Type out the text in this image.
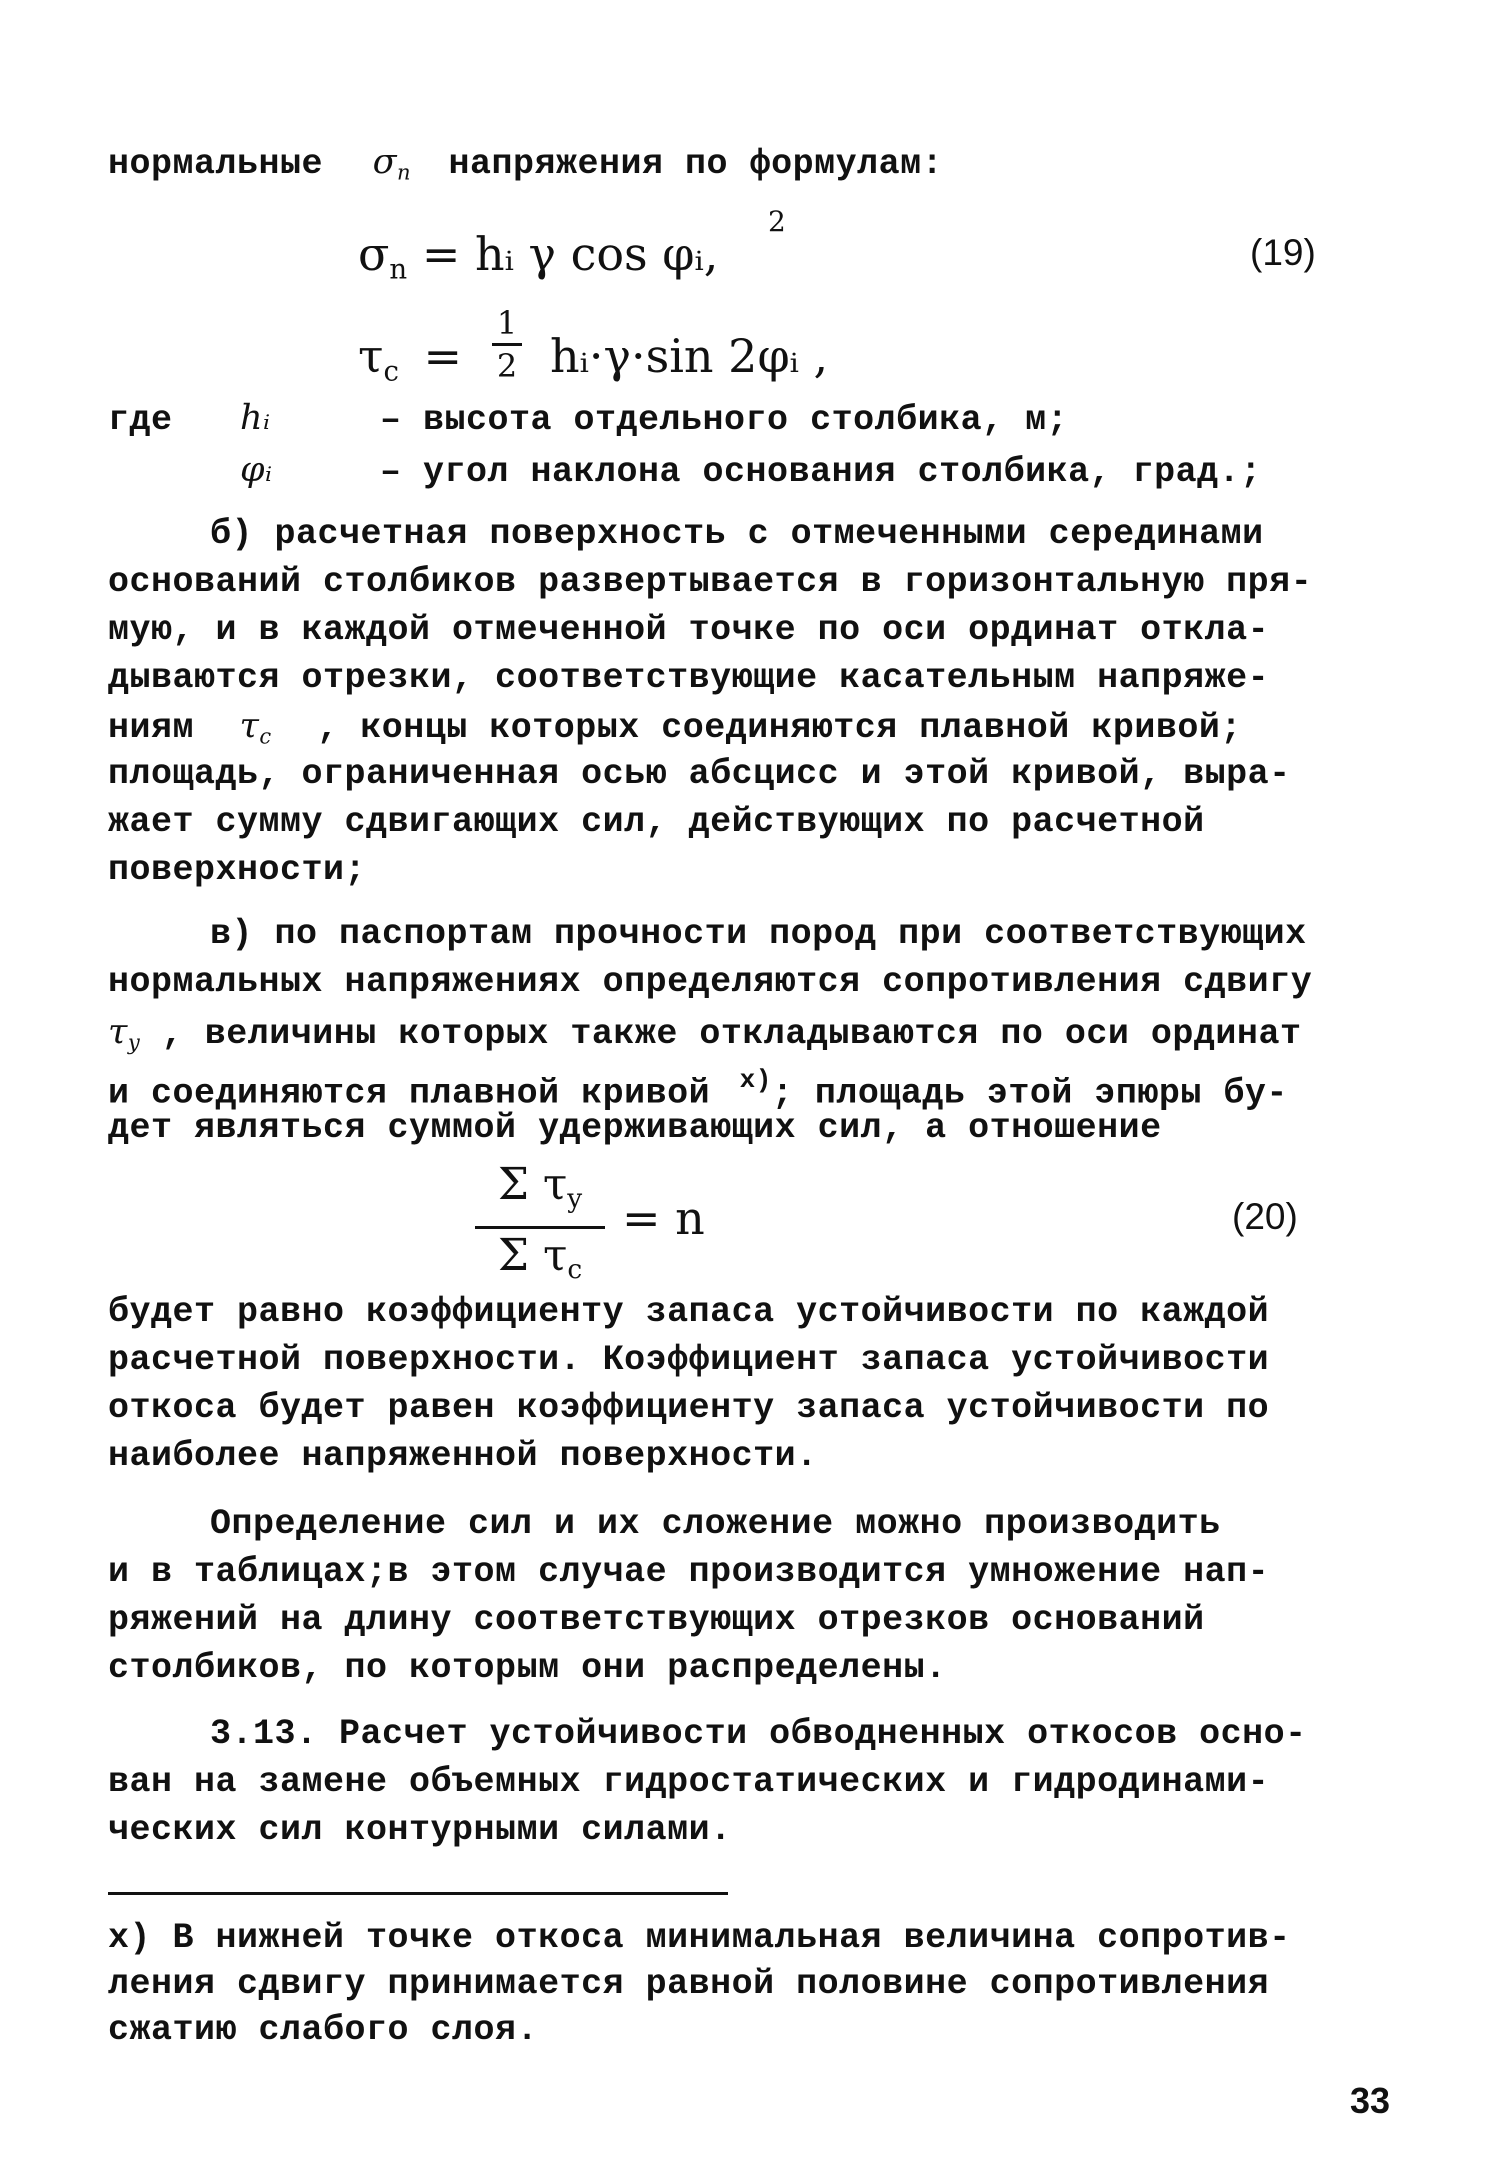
нормальные $\sigma_n$ напряжения по формулам:
$\sigma_n$ = hᵢ γ cos φᵢ,
2
(19)
$\tau_c$ =
1
2 hᵢ·γ·sin 2φᵢ ,
где hᵢ	– высота отдельного столбика, м;
φᵢ	– угол наклона основания столбика, град.;
б) расчетная поверхность с отмеченными серединами
оснований столбиков развертывается в горизонтальную пря-
мую, и в каждой отмеченной точке по оси ординат откла-
дываются отрезки, соответствующие касательным напряже-
ниям $\tau_c$ , концы которых соединяются плавной кривой;
площадь, ограниченная осью абсцисс и этой кривой, выра-
жает сумму сдвигающих сил, действующих по расчетной
поверхности;
в) по паспортам прочности пород при соответствующих
нормальных напряжениях определяются сопротивления сдвигу
$\tau_y$ , величины которых также откладываются по оси ординат
и соединяются плавной кривой $^{x)}$; площадь этой эпюры бу-
дет являться суммой удерживающих сил, а отношение
Σ $\tau_y$
Σ $\tau_c$
= n	(20)
будет равно коэффициенту запаса устойчивости по каждой
расчетной поверхности. Коэффициент запаса устойчивости
откоса будет равен коэффициенту запаса устойчивости по
наиболее напряженной поверхности.
Определение сил и их сложение можно производить
и в таблицах;в этом случае производится умножение нап-
ряжений на длину соответствующих отрезков оснований
столбиков, по которым они распределены.
3.13. Расчет устойчивости обводненных откосов осно-
ван на замене объемных гидростатических и гидродинами-
ческих сил контурными силами.
x) В нижней точке откоса минимальная величина сопротив-
ления сдвигу принимается равной половине сопротивления
сжатию слабого слоя.
33
